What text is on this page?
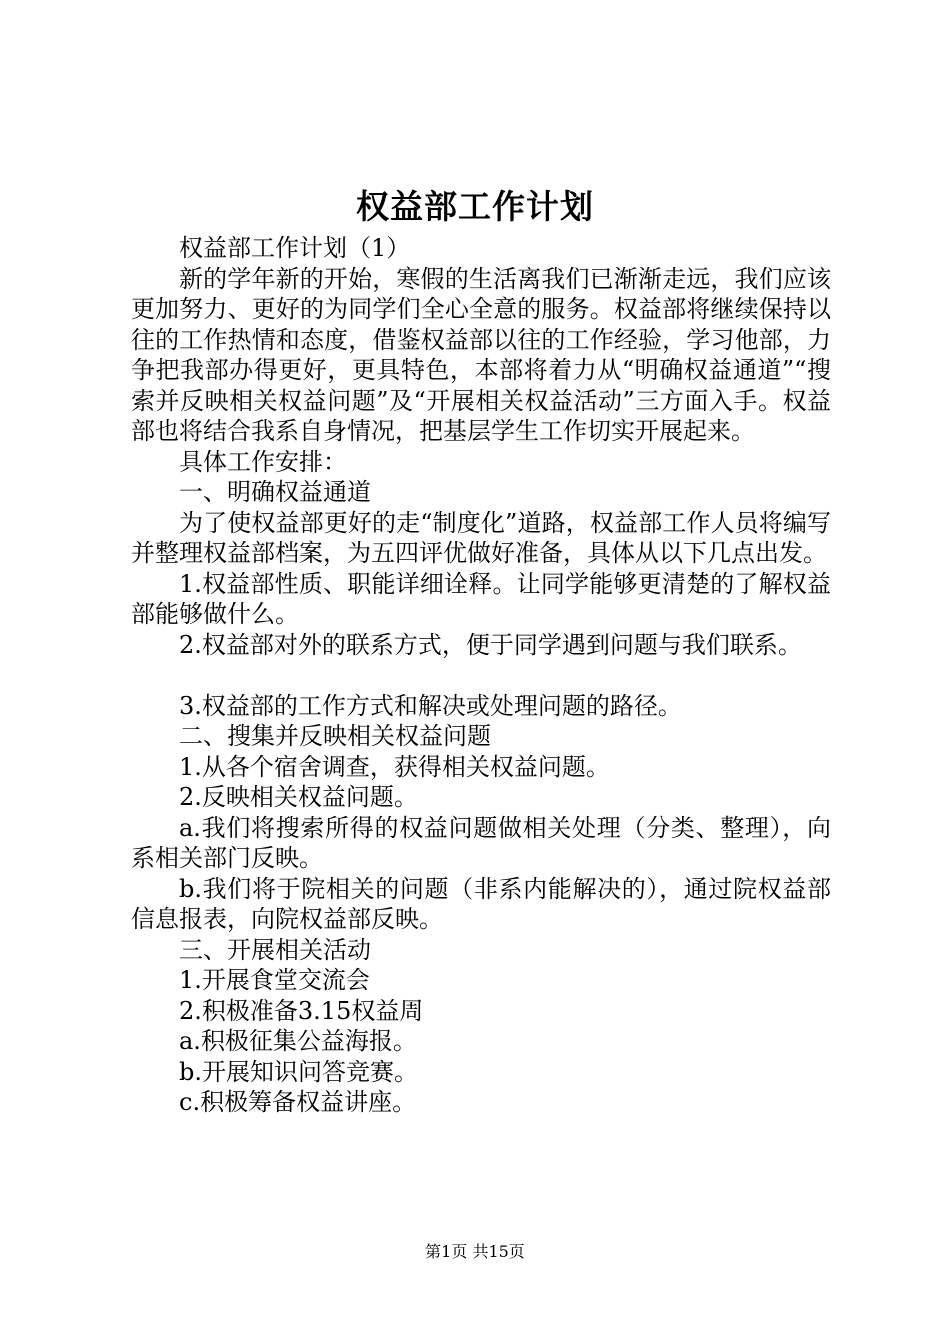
权益部工作计划

权益部工作计划（1）

新的学年新的开始，寒假的生活离我们已渐渐走远，我们应该更加努力、更好的为同学们全心全意的服务。权益部将继续保持以往的工作热情和态度，借鉴权益部以往的工作经验，学习他部，力争把我部办得更好，更具特色，本部将着力从“明确权益通道”“搜索并反映相关权益问题”及“开展相关权益活动”三方面入手。权益部也将结合我系自身情况，把基层学生工作切实开展起来。

具体工作安排：

一、明确权益通道

为了使权益部更好的走“制度化”道路，权益部工作人员将编写并整理权益部档案，为五四评优做好准备，具体从以下几点出发。

1.权益部性质、职能详细诠释。让同学能够更清楚的了解权益部能够做什么。

2.权益部对外的联系方式，便于同学遇到问题与我们联系。

3.权益部的工作方式和解决或处理问题的路径。

二、搜集并反映相关权益问题

1.从各个宿舍调查，获得相关权益问题。

2.反映相关权益问题。

a.我们将搜索所得的权益问题做相关处理（分类、整理），向系相关部门反映。

b.我们将于院相关的问题（非系内能解决的），通过院权益部信息报表，向院权益部反映。

三、开展相关活动

1.开展食堂交流会

2.积极准备3.15权益周

a.积极征集公益海报。

b.开展知识问答竞赛。

c.积极筹备权益讲座。

第1页 共15页
